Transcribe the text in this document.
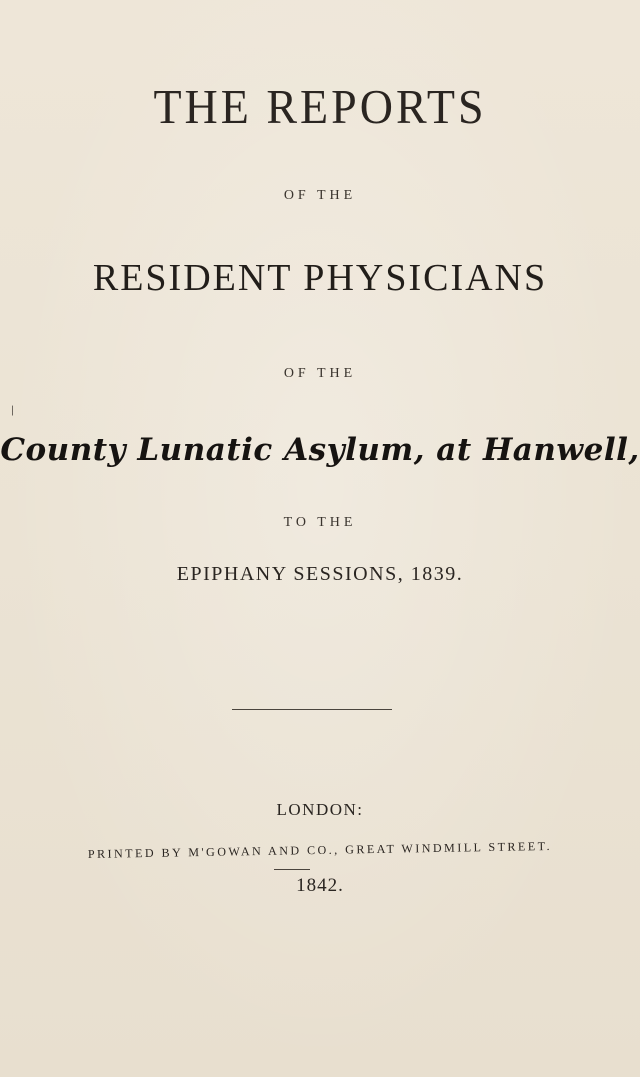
THE REPORTS
OF THE
RESIDENT PHYSICIANS
OF THE
\
County Lunatic Asylum, at Hanwell,
TO THE
EPIPHANY SESSIONS, 1839.
LONDON:
PRINTED BY M'GOWAN AND CO., GREAT WINDMILL STREET.
1842.
